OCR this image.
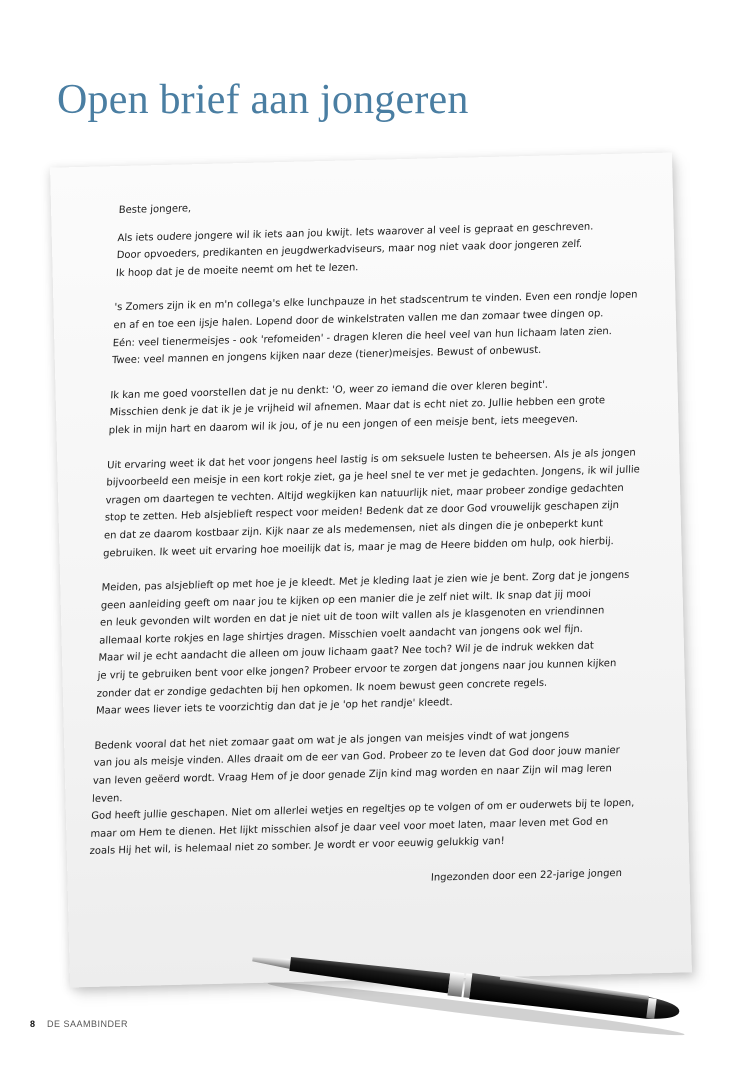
Open brief aan jongeren

Beste jongere,

Als iets oudere jongere wil ik iets aan jou kwijt. Iets waarover al veel is gepraat en geschreven.
Door opvoeders, predikanten en jeugdwerkadviseurs, maar nog niet vaak door jongeren zelf.
Ik hoop dat je de moeite neemt om het te lezen.

's Zomers zijn ik en m'n collega's elke lunchpauze in het stadscentrum te vinden. Even een rondje lopen
en af en toe een ijsje halen. Lopend door de winkelstraten vallen me dan zomaar twee dingen op.
Eén: veel tienermeisjes - ook 'refomeiden' - dragen kleren die heel veel van hun lichaam laten zien.
Twee: veel mannen en jongens kijken naar deze (tiener)meisjes. Bewust of onbewust.

Ik kan me goed voorstellen dat je nu denkt: 'O, weer zo iemand die over kleren begint'.
Misschien denk je dat ik je je vrijheid wil afnemen. Maar dat is echt niet zo. Jullie hebben een grote
plek in mijn hart en daarom wil ik jou, of je nu een jongen of een meisje bent, iets meegeven.

Uit ervaring weet ik dat het voor jongens heel lastig is om seksuele lusten te beheersen. Als je als jongen
bijvoorbeeld een meisje in een kort rokje ziet, ga je heel snel te ver met je gedachten. Jongens, ik wil jullie
vragen om daartegen te vechten. Altijd wegkijken kan natuurlijk niet, maar probeer zondige gedachten
stop te zetten. Heb alsjeblieft respect voor meiden! Bedenk dat ze door God vrouwelijk geschapen zijn
en dat ze daarom kostbaar zijn. Kijk naar ze als medemensen, niet als dingen die je onbeperkt kunt
gebruiken. Ik weet uit ervaring hoe moeilijk dat is, maar je mag de Heere bidden om hulp, ook hierbij.

Meiden, pas alsjeblieft op met hoe je je kleedt. Met je kleding laat je zien wie je bent. Zorg dat je jongens
geen aanleiding geeft om naar jou te kijken op een manier die je zelf niet wilt. Ik snap dat jij mooi
en leuk gevonden wilt worden en dat je niet uit de toon wilt vallen als je klasgenoten en vriendinnen
allemaal korte rokjes en lage shirtjes dragen. Misschien voelt aandacht van jongens ook wel fijn.
Maar wil je echt aandacht die alleen om jouw lichaam gaat? Nee toch? Wil je de indruk wekken dat
je vrij te gebruiken bent voor elke jongen? Probeer ervoor te zorgen dat jongens naar jou kunnen kijken
zonder dat er zondige gedachten bij hen opkomen. Ik noem bewust geen concrete regels.
Maar wees liever iets te voorzichtig dan dat je je 'op het randje' kleedt.

Bedenk vooral dat het niet zomaar gaat om wat je als jongen van meisjes vindt of wat jongens
van jou als meisje vinden. Alles draait om de eer van God. Probeer zo te leven dat God door jouw manier
van leven geëerd wordt. Vraag Hem of je door genade Zijn kind mag worden en naar Zijn wil mag leren
leven.
God heeft jullie geschapen. Niet om allerlei wetjes en regeltjes op te volgen of om er ouderwets bij te lopen,
maar om Hem te dienen. Het lijkt misschien alsof je daar veel voor moet laten, maar leven met God en
zoals Hij het wil, is helemaal niet zo somber. Je wordt er voor eeuwig gelukkig van!

Ingezonden door een 22-jarige jongen

8 DE SAAMBINDER
